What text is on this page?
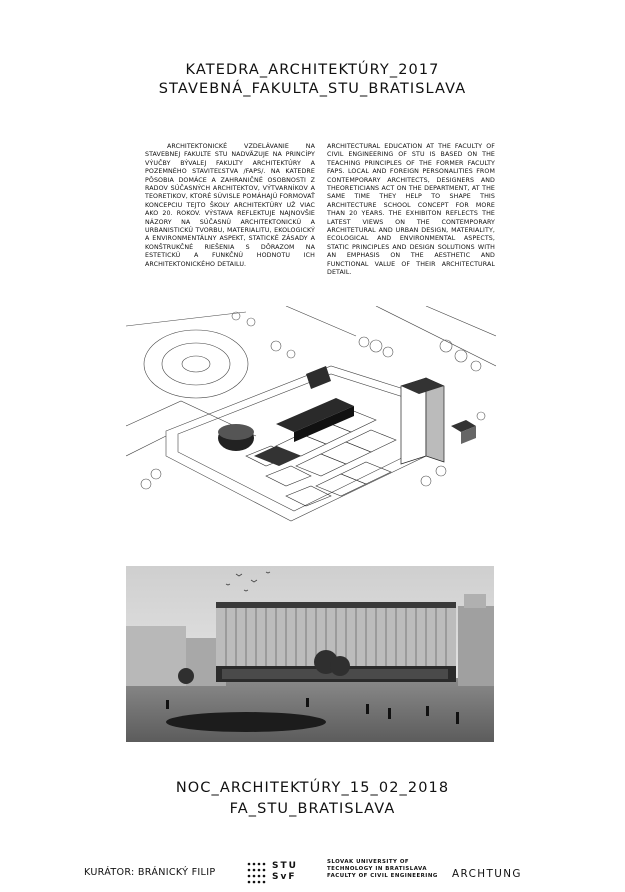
KATEDRA_ARCHITEKTÚRY_2017
STAVEBNÁ_FAKULTA_STU_BRATISLAVA
ARCHITEKTONICKÉ VZDELÁVANIE NA STAVEBNEJ FAKULTE STU NADVÄZUJE NA PRINCÍPY VÝUČBY BÝVALEJ FAKULTY ARCHITEKTÚRY A POZEMNÉHO STAVITEĽSTVA /FAPS/. NA KATEDRE PÔSOBIA DOMÁCE A ZAHRANIČNÉ OSOBNOSTI Z RADOV SÚČASNÝCH ARCHITEKTOV, VÝTVARNÍKOV A TEORETIKOV, KTORÉ SÚVISLE POMÁHAJÚ FORMOVAŤ KONCEPCIU TEJTO ŠKOLY ARCHITEKTÚRY UŽ VIAC AKO 20. ROKOV. VÝSTAVA REFLEKTUJE NAJNOVŠIE NÁZORY NA SÚČASNÚ ARCHITEKTONICKÚ A URBANISTICKÚ TVORBU, MATERIALITU, EKOLOGICKÝ A ENVIRONMENTÁLNY ASPEKT, STATICKÉ ZÁSADY A KONŠTRUKČNÉ RIEŠENIA S DÔRAZOM NA ESTETICKÚ A FUNKČNÚ HODNOTU ICH ARCHITEKTONICKÉHO DETAILU.
ARCHITECTURAL EDUCATION AT THE FACULTY OF CIVIL ENGINEERING OF STU IS BASED ON THE TEACHING PRINCIPLES OF THE FORMER FACULTY FAPS. LOCAL AND FOREIGN PERSONALITIES FROM CONTEMPORARY ARCHITECTS, DESIGNERS AND THEORETICIANS ACT ON THE DEPARTMENT, AT THE SAME TIME THEY HELP TO SHAPE THIS ARCHITECTURE SCHOOL CONCEPT FOR MORE THAN 20 YEARS. THE EXHIBITON REFLECTS THE LATEST VIEWS ON THE CONTEMPORARY ARCHITETURAL AND URBAN DESIGN, MATERIALITY, ECOLOGICAL AND ENVIRONMENTAL ASPECTS, STATIC PRINCIPLES AND DESIGN SOLUTIONS WITH AN EMPHASIS ON THE AESTHETIC AND FUNCTIONAL VALUE OF THEIR ARCHITECTURAL DETAIL.
NOC_ARCHITEKTÚRY_15_02_2018
FA_STU_BRATISLAVA
KURÁTOR: BRÁNICKÝ FILIP
STU
SvF
SLOVAK UNIVERSITY OF
TECHNOLOGY IN BRATISLAVA
FACULTY OF CIVIL ENGINEERING ARCHTUNG
